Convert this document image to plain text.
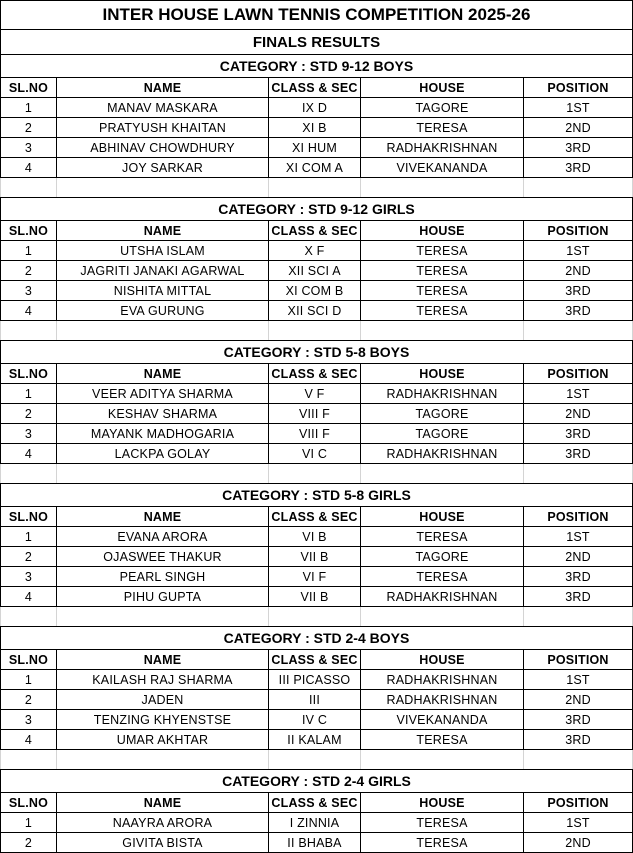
INTER HOUSE LAWN TENNIS COMPETITION 2025-26
FINALS RESULTS
CATEGORY : STD 9-12 BOYS
SL.NO	NAME	CLASS & SEC	HOUSE	POSITION
1	MANAV MASKARA	IX D	TAGORE	1ST
2	PRATYUSH KHAITAN	XI B	TERESA	2ND
3	ABHINAV CHOWDHURY	XI HUM	RADHAKRISHNAN	3RD
4	JOY SARKAR	XI COM A	VIVEKANANDA	3RD
CATEGORY : STD 9-12 GIRLS
SL.NO	NAME	CLASS & SEC	HOUSE	POSITION
1	UTSHA ISLAM	X F	TERESA	1ST
2	JAGRITI JANAKI AGARWAL	XII SCI A	TERESA	2ND
3	NISHITA MITTAL	XI COM B	TERESA	3RD
4	EVA GURUNG	XII SCI D	TERESA	3RD
CATEGORY : STD 5-8 BOYS
SL.NO	NAME	CLASS & SEC	HOUSE	POSITION
1	VEER ADITYA SHARMA	V F	RADHAKRISHNAN	1ST
2	KESHAV SHARMA	VIII F	TAGORE	2ND
3	MAYANK MADHOGARIA	VIII F	TAGORE	3RD
4	LACKPA GOLAY	VI C	RADHAKRISHNAN	3RD
CATEGORY : STD 5-8 GIRLS
SL.NO	NAME	CLASS & SEC	HOUSE	POSITION
1	EVANA ARORA	VI B	TERESA	1ST
2	OJASWEE THAKUR	VII B	TAGORE	2ND
3	PEARL SINGH	VI F	TERESA	3RD
4	PIHU GUPTA	VII B	RADHAKRISHNAN	3RD
CATEGORY : STD 2-4 BOYS
SL.NO	NAME	CLASS & SEC	HOUSE	POSITION
1	KAILASH RAJ SHARMA	III PICASSO	RADHAKRISHNAN	1ST
2	JADEN	III	RADHAKRISHNAN	2ND
3	TENZING KHYENSTSE	IV C	VIVEKANANDA	3RD
4	UMAR AKHTAR	II KALAM	TERESA	3RD
CATEGORY : STD 2-4 GIRLS
SL.NO	NAME	CLASS & SEC	HOUSE	POSITION
1	NAAYRA ARORA	I ZINNIA	TERESA	1ST
2	GIVITA BISTA	II BHABA	TERESA	2ND
